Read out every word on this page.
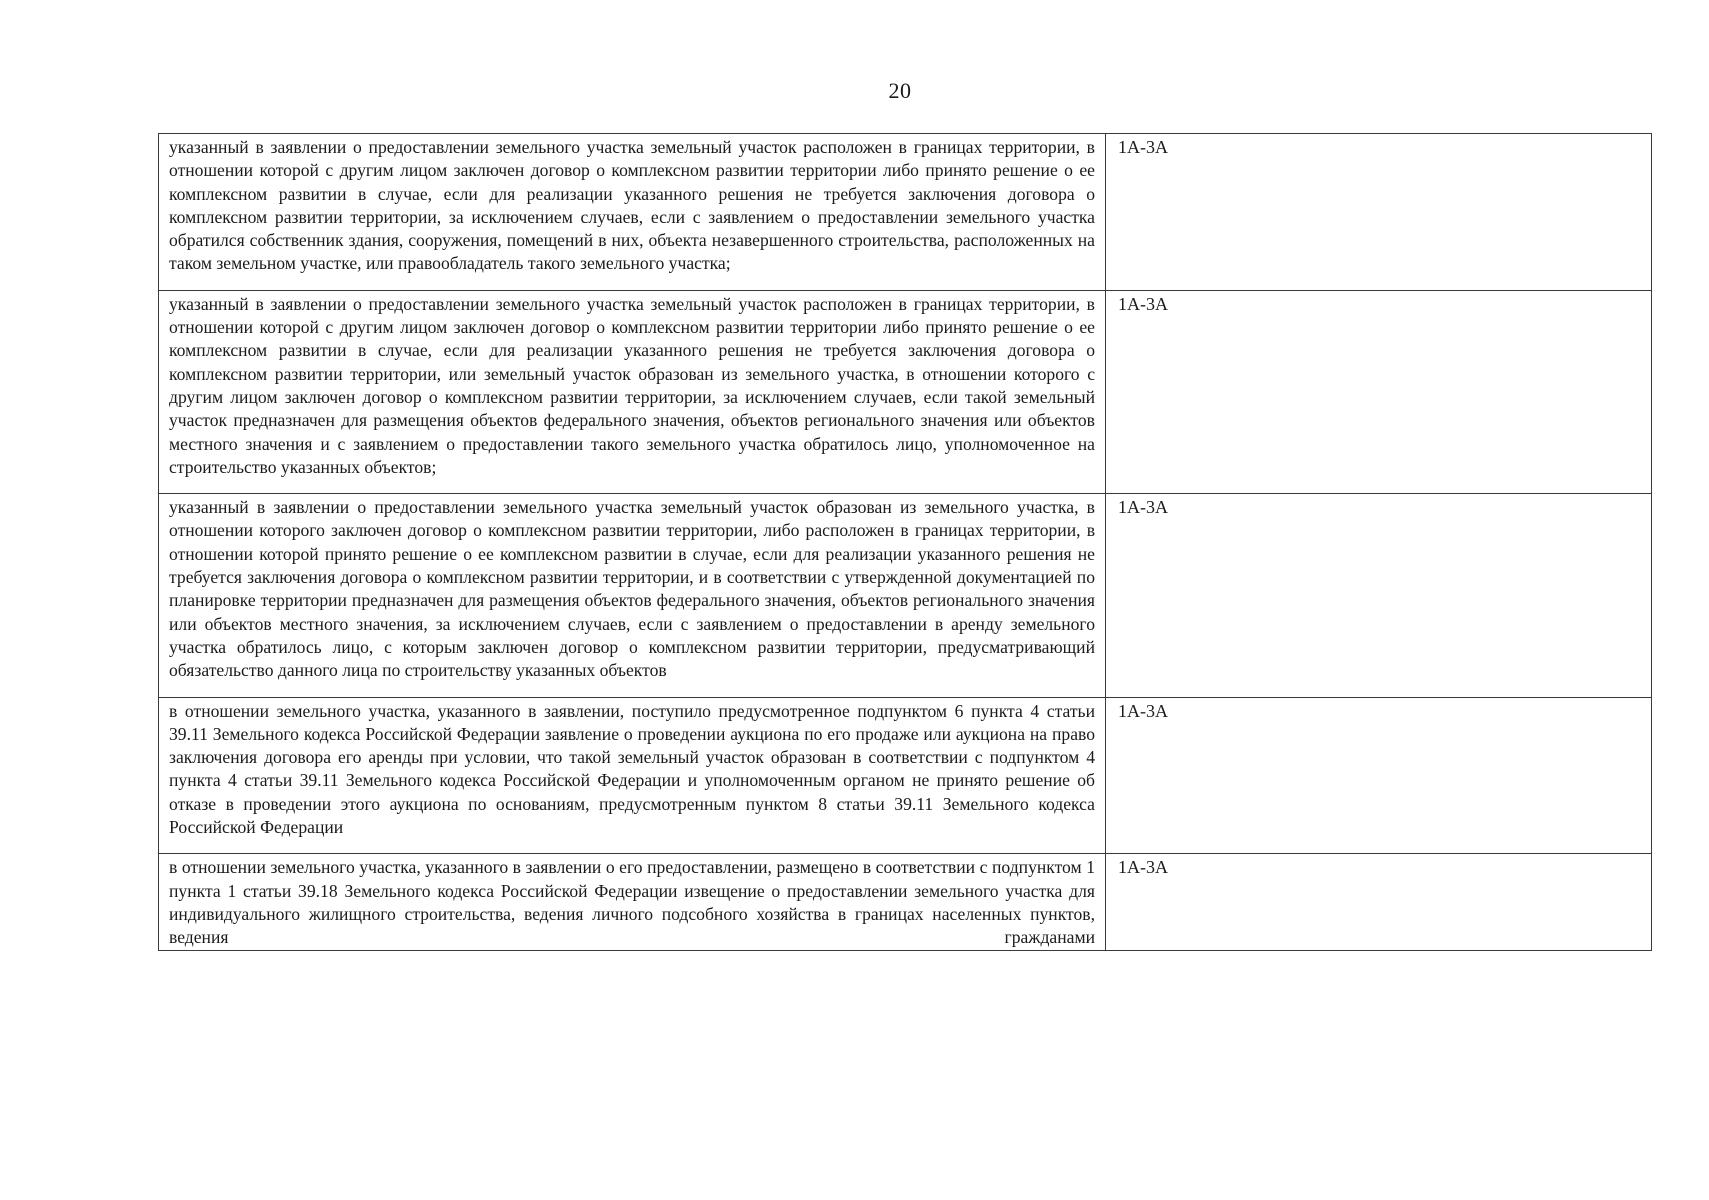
20
указанный в заявлении о предоставлении земельного участка земельный участок расположен в границах территории, в отношении которой с другим лицом заключен договор о комплексном развитии территории либо принято решение о ее комплексном развитии в случае, если для реализации указанного решения не требуется заключения договора о комплексном развитии территории, за исключением случаев, если с заявлением о предоставлении земельного участка обратился собственник здания, сооружения, помещений в них, объекта незавершенного строительства, расположенных на таком земельном участке, или правообладатель такого земельного участка;	1А-3А
указанный в заявлении о предоставлении земельного участка земельный участок расположен в границах территории, в отношении которой с другим лицом заключен договор о комплексном развитии территории либо принято решение о ее комплексном развитии в случае, если для реализации указанного решения не требуется заключения договора о комплексном развитии территории, или земельный участок образован из земельного участка, в отношении которого с другим лицом заключен договор о комплексном развитии территории, за исключением случаев, если такой земельный участок предназначен для размещения объектов федерального значения, объектов регионального значения или объектов местного значения и с заявлением о предоставлении такого земельного участка обратилось лицо, уполномоченное на строительство указанных объектов;	1А-3А
указанный в заявлении о предоставлении земельного участка земельный участок образован из земельного участка, в отношении которого заключен договор о комплексном развитии территории, либо расположен в границах территории, в отношении которой принято решение о ее комплексном развитии в случае, если для реализации указанного решения не требуется заключения договора о комплексном развитии территории, и в соответствии с утвержденной документацией по планировке территории предназначен для размещения объектов федерального значения, объектов регионального значения или объектов местного значения, за исключением случаев, если с заявлением о предоставлении в аренду земельного участка обратилось лицо, с которым заключен договор о комплексном развитии территории, предусматривающий обязательство данного лица по строительству указанных объектов	1А-3А
в отношении земельного участка, указанного в заявлении, поступило предусмотренное подпунктом 6 пункта 4 статьи 39.11 Земельного кодекса Российской Федерации заявление о проведении аукциона по его продаже или аукциона на право заключения договора его аренды при условии, что такой земельный участок образован в соответствии с подпунктом 4 пункта 4 статьи 39.11 Земельного кодекса Российской Федерации и уполномоченным органом не принято решение об отказе в проведении этого аукциона по основаниям, предусмотренным пунктом 8 статьи 39.11 Земельного кодекса Российской Федерации	1А-3А
в отношении земельного участка, указанного в заявлении о его предоставлении, размещено в соответствии с подпунктом 1 пункта 1 статьи 39.18 Земельного кодекса Российской Федерации извещение о предоставлении земельного участка для индивидуального жилищного строительства, ведения личного подсобного хозяйства в границах населенных пунктов, ведения гражданами	1А-3А
